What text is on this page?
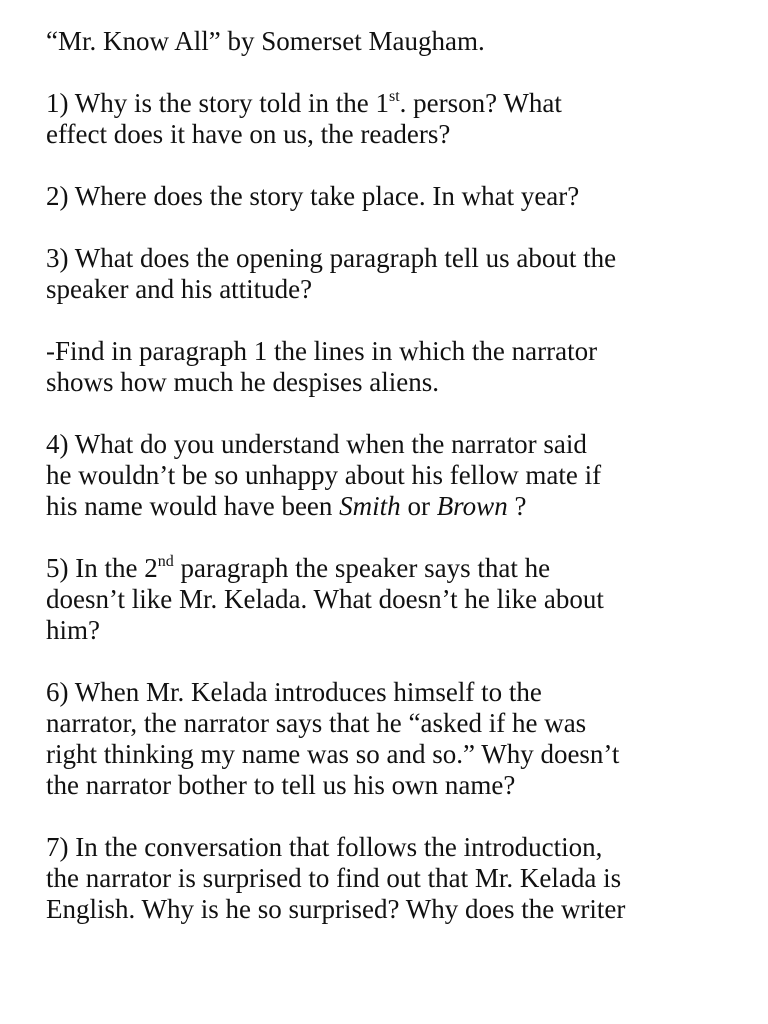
“Mr. Know All” by Somerset Maugham.

1) Why is the story told in the 1st. person? What
effect does it have on us, the readers?

2) Where does the story take place. In what year?

3) What does the opening paragraph tell us about the
speaker and his attitude?

-Find in paragraph 1 the lines in which the narrator
shows how much he despises aliens.

4) What do you understand when the narrator said
he wouldn’t be so unhappy about his fellow mate if
his name would have been Smith or Brown ?

5) In the 2nd paragraph the speaker says that he
doesn’t like Mr. Kelada. What doesn’t he like about
him?

6) When Mr. Kelada introduces himself to the
narrator, the narrator says that he “asked if he was
right thinking my name was so and so.” Why doesn’t
the narrator bother to tell us his own name?

7) In the conversation that follows the introduction,
the narrator is surprised to find out that Mr. Kelada is
English. Why is he so surprised? Why does the writer
